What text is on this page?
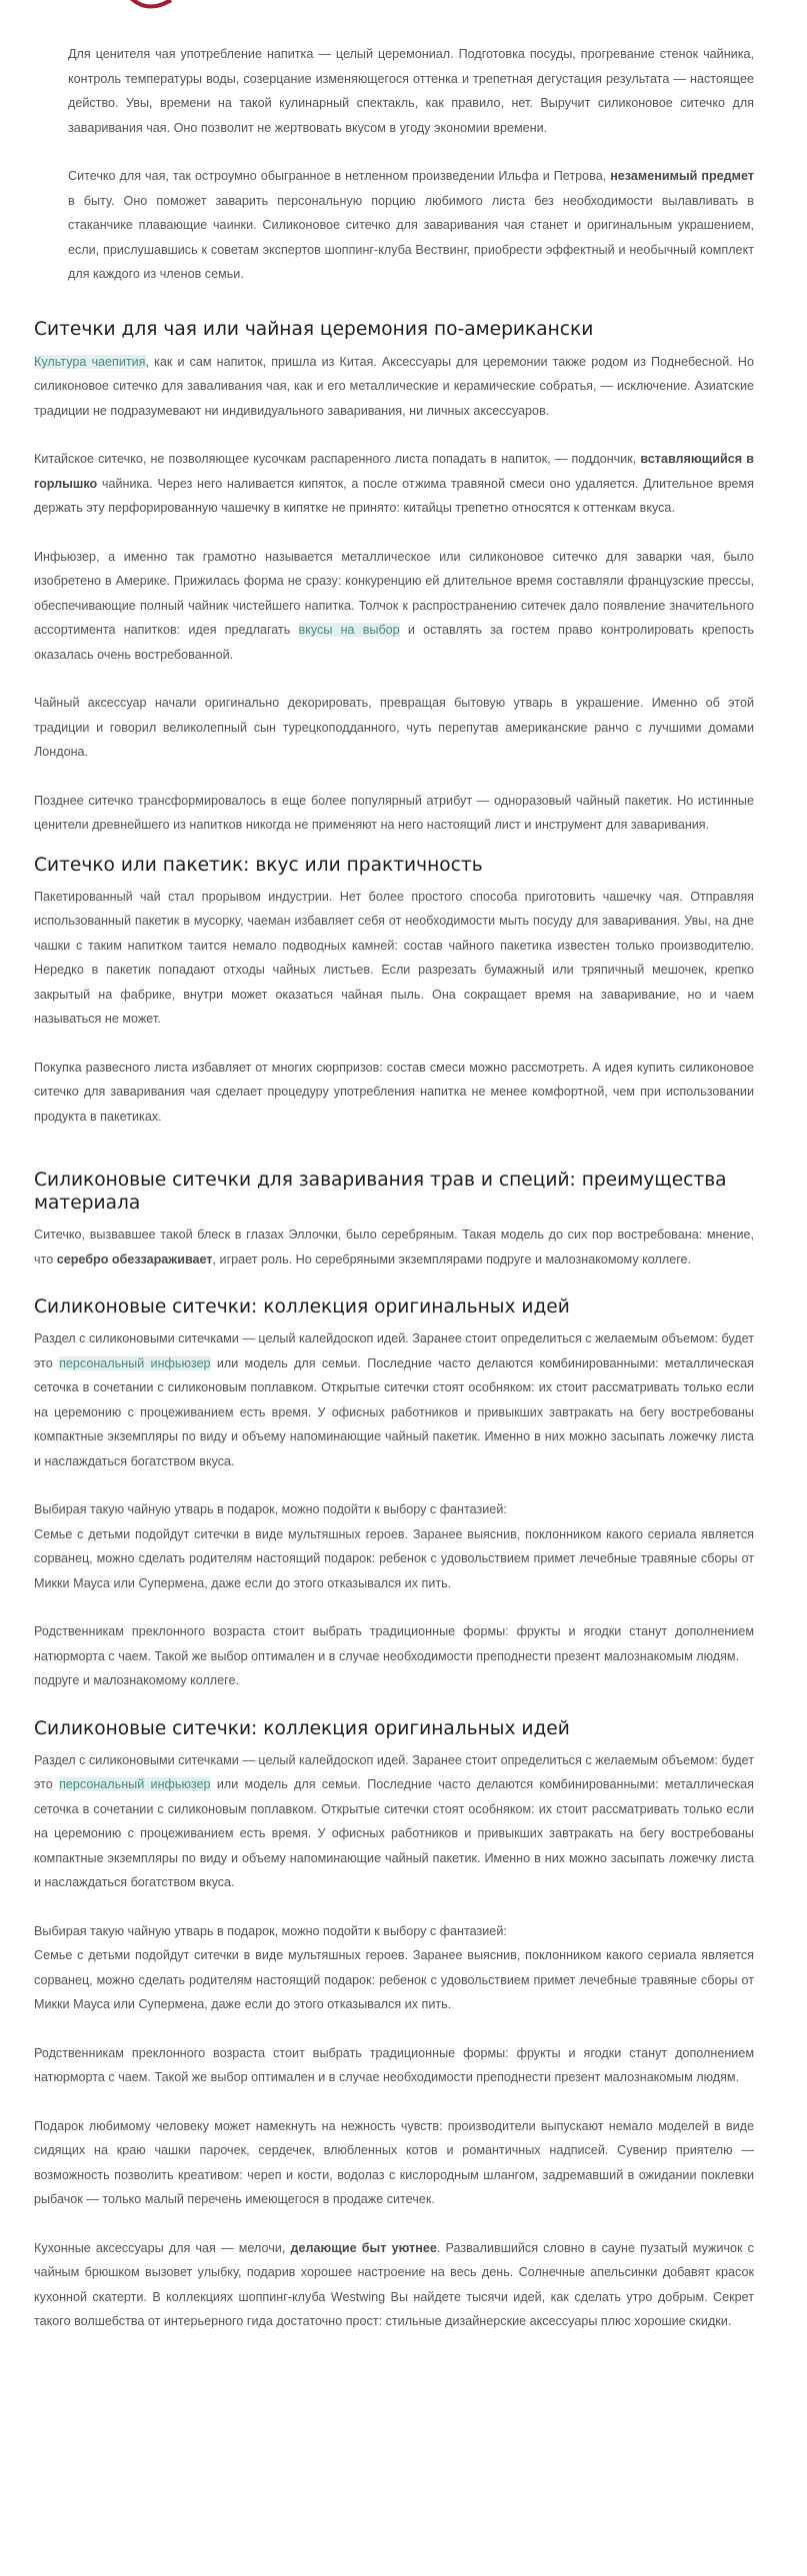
Для ценителя чая употребление напитка — целый церемониал. Подготовка посуды, прогревание стенок чайника, контроль температуры воды, созерцание изменяющегося оттенка и трепетная дегустация результата — настоящее действо. Увы, времени на такой кулинарный спектакль, как правило, нет. Выручит силиконовое ситечко для заваривания чая. Оно позволит не жертвовать вкусом в угоду экономии времени.

Ситечко для чая, так остроумно обыгранное в нетленном произведении Ильфа и Петрова, незаменимый предмет в быту. Оно поможет заварить персональную порцию любимого листа без необходимости вылавливать в стаканчике плавающие чаинки. Силиконовое ситечко для заваривания чая станет и оригинальным украшением, если, прислушавшись к советам экспертов шоппинг-клуба Вествинг, приобрести эффектный и необычный комплект для каждого из членов семьи.

Ситечки для чая или чайная церемония по-американски

Культура чаепития, как и сам напиток, пришла из Китая. Аксессуары для церемонии также родом из Поднебесной. Но силиконовое ситечко для заваливания чая, как и его металлические и керамические собратья, — исключение. Азиатские традиции не подразумевают ни индивидуального заваривания, ни личных аксессуаров.

Китайское ситечко, не позволяющее кусочкам распаренного листа попадать в напиток, — поддончик, вставляющийся в горлышко чайника. Через него наливается кипяток, а после отжима травяной смеси оно удаляется. Длительное время держать эту перфорированную чашечку в кипятке не принято: китайцы трепетно относятся к оттенкам вкуса.

Инфьюзер, а именно так грамотно называется металлическое или силиконовое ситечко для заварки чая, было изобретено в Америке. Прижилась форма не сразу: конкуренцию ей длительное время составляли французские прессы, обеспечивающие полный чайник чистейшего напитка. Толчок к распространению ситечек дало появление значительного ассортимента напитков: идея предлагать вкусы на выбор и оставлять за гостем право контролировать крепость оказалась очень востребованной.

Чайный аксессуар начали оригинально декорировать, превращая бытовую утварь в украшение. Именно об этой традиции и говорил великолепный сын турецкоподданного, чуть перепутав американские ранчо с лучшими домами Лондона.

Позднее ситечко трансформировалось в еще более популярный атрибут — одноразовый чайный пакетик. Но истинные ценители древнейшего из напитков никогда не применяют на него настоящий лист и инструмент для заваривания.

Ситечко или пакетик: вкус или практичность

Пакетированный чай стал прорывом индустрии. Нет более простого способа приготовить чашечку чая. Отправляя использованный пакетик в мусорку, чаеман избавляет себя от необходимости мыть посуду для заваривания. Увы, на дне чашки с таким напитком таится немало подводных камней: состав чайного пакетика известен только производителю. Нередко в пакетик попадают отходы чайных листьев. Если разрезать бумажный или тряпичный мешочек, крепко закрытый на фабрике, внутри может оказаться чайная пыль. Она сокращает время на заваривание, но и чаем называться не может.

Покупка развесного листа избавляет от многих сюрпризов: состав смеси можно рассмотреть. А идея купить силиконовое ситечко для заваривания чая сделает процедуру употребления напитка не менее комфортной, чем при использовании продукта в пакетиках.

Силиконовые ситечки для заваривания трав и специй: преимущества материала

Ситечко, вызвавшее такой блеск в глазах Эллочки, было серебряным. Такая модель до сих пор востребована: мнение, что серебро обеззараживает, играет роль. Но серебряными экземплярами подруге и малознакомому коллеге.

Силиконовые ситечки: коллекция оригинальных идей

Раздел с силиконовыми ситечками — целый калейдоскоп идей. Заранее стоит определиться с желаемым объемом: будет это персональный инфьюзер или модель для семьи. Последние часто делаются комбинированными: металлическая сеточка в сочетании с силиконовым поплавком. Открытые ситечки стоят особняком: их стоит рассматривать только если на церемонию с процеживанием есть время. У офисных работников и привыкших завтракать на бегу востребованы компактные экземпляры по виду и объему напоминающие чайный пакетик. Именно в них можно засыпать ложечку листа и наслаждаться богатством вкуса.

Выбирая такую чайную утварь в подарок, можно подойти к выбору с фантазией:

Семье с детьми подойдут ситечки в виде мультяшных героев. Заранее выяснив, поклонником какого сериала является сорванец, можно сделать родителям настоящий подарок: ребенок с удовольствием примет лечебные травяные сборы от Микки Мауса или Супермена, даже если до этого отказывался их пить.

Родственникам преклонного возраста стоит выбрать традиционные формы: фрукты и ягодки станут дополнением натюрморта с чаем. Такой же выбор оптимален и в случае необходимости преподнести презент малознакомым людям.

подруге и малознакомому коллеге.

Силиконовые ситечки: коллекция оригинальных идей

Раздел с силиконовыми ситечками — целый калейдоскоп идей. Заранее стоит определиться с желаемым объемом: будет это персональный инфьюзер или модель для семьи. Последние часто делаются комбинированными: металлическая сеточка в сочетании с силиконовым поплавком. Открытые ситечки стоят особняком: их стоит рассматривать только если на церемонию с процеживанием есть время. У офисных работников и привыкших завтракать на бегу востребованы компактные экземпляры по виду и объему напоминающие чайный пакетик. Именно в них можно засыпать ложечку листа и наслаждаться богатством вкуса.

Выбирая такую чайную утварь в подарок, можно подойти к выбору с фантазией:

Семье с детьми подойдут ситечки в виде мультяшных героев. Заранее выяснив, поклонником какого сериала является сорванец, можно сделать родителям настоящий подарок: ребенок с удовольствием примет лечебные травяные сборы от Микки Мауса или Супермена, даже если до этого отказывался их пить.

Родственникам преклонного возраста стоит выбрать традиционные формы: фрукты и ягодки станут дополнением натюрморта с чаем. Такой же выбор оптимален и в случае необходимости преподнести презент малознакомым людям.

Подарок любимому человеку может намекнуть на нежность чувств: производители выпускают немало моделей в виде сидящих на краю чашки парочек, сердечек, влюбленных котов и романтичных надписей. Сувенир приятелю — возможность позволить креативом: череп и кости, водолаз с кислородным шлангом, задремавший в ожидании поклевки рыбачок — только малый перечень имеющегося в продаже ситечек.

Кухонные аксессуары для чая — мелочи, делающие быт уютнее. Развалившийся словно в сауне пузатый мужичок с чайным брюшком вызовет улыбку, подарив хорошее настроение на весь день. Солнечные апельсинки добавят красок кухонной скатерти. В коллекциях шоппинг-клуба Westwing Вы найдете тысячи идей, как сделать утро добрым. Секрет такого волшебства от интерьерного гида достаточно прост: стильные дизайнерские аксессуары плюс хорошие скидки.
